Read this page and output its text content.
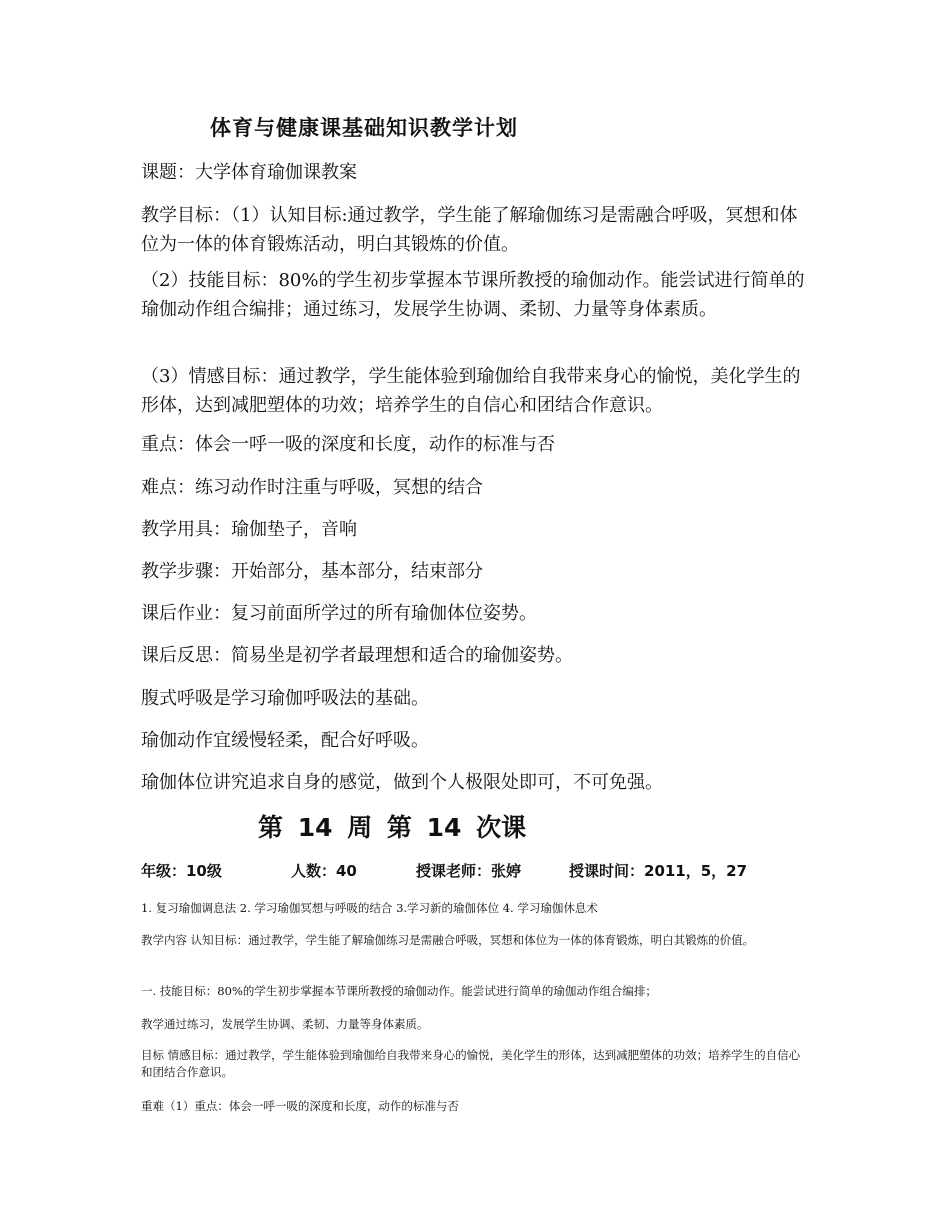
体育与健康课基础知识教学计划

课题：大学体育瑜伽课教案

教学目标：（1）认知目标:通过教学，学生能了解瑜伽练习是需融合呼吸，冥想和体位为一体的体育锻炼活动，明白其锻炼的价值。

（2）技能目标：80%的学生初步掌握本节课所教授的瑜伽动作。能尝试进行简单的瑜伽动作组合编排；通过练习，发展学生协调、柔韧、力量等身体素质。

（3）情感目标：通过教学，学生能体验到瑜伽给自我带来身心的愉悦，美化学生的形体，达到减肥塑体的功效；培养学生的自信心和团结合作意识。

重点：体会一呼一吸的深度和长度，动作的标准与否

难点：练习动作时注重与呼吸，冥想的结合

教学用具：瑜伽垫子，音响

教学步骤：开始部分，基本部分，结束部分

课后作业：复习前面所学过的所有瑜伽体位姿势。

课后反思：简易坐是初学者最理想和适合的瑜伽姿势。

腹式呼吸是学习瑜伽呼吸法的基础。

瑜伽动作宜缓慢轻柔，配合好呼吸。

瑜伽体位讲究追求自身的感觉，做到个人极限处即可，不可免强。

第 14 周 第 14 次课
年级：10级	人数：40	授课老师：张婷	授课时间：2011，5，27

1. 复习瑜伽调息法 2. 学习瑜伽冥想与呼吸的结合 3.学习新的瑜伽体位 4. 学习瑜伽休息术

教学内容 认知目标：通过教学，学生能了解瑜伽练习是需融合呼吸，冥想和体位为一体的体育锻炼，明白其锻炼的价值。

一. 技能目标：80%的学生初步掌握本节课所教授的瑜伽动作。能尝试进行简单的瑜伽动作组合编排；

教学通过练习，发展学生协调、柔韧、力量等身体素质。

目标 情感目标：通过教学，学生能体验到瑜伽给自我带来身心的愉悦，美化学生的形体，达到减肥塑体的功效；培养学生的自信心和团结合作意识。

重难（1）重点：体会一呼一吸的深度和长度，动作的标准与否
